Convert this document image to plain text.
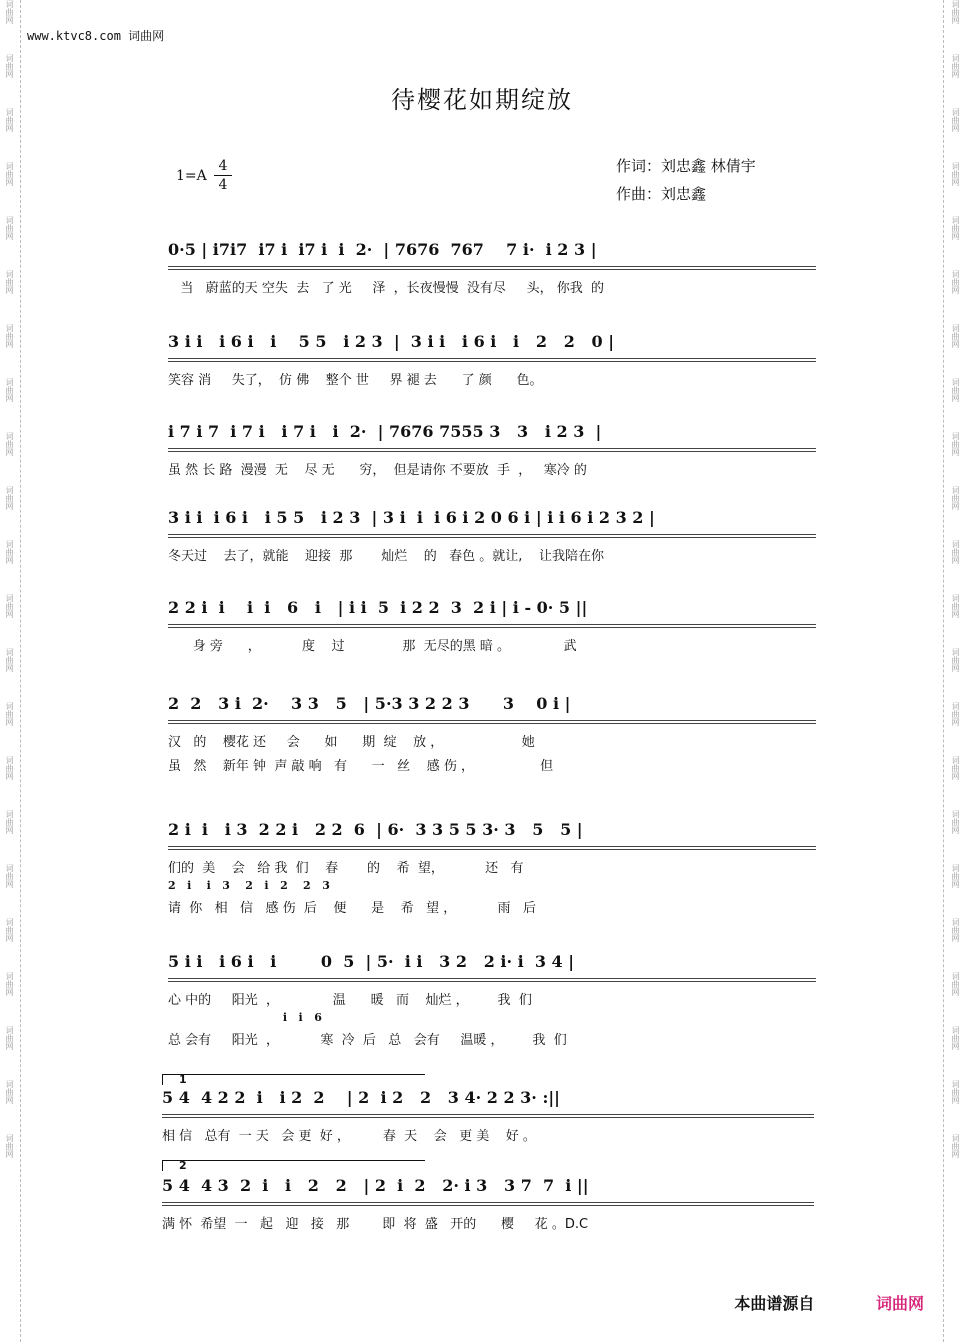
词曲网
词曲网
词曲网
词曲网
词曲网
词曲网
词曲网
词曲网
词曲网
词曲网
词曲网
词曲网
词曲网
词曲网
词曲网
词曲网
词曲网
词曲网
词曲网
词曲网
词曲网
词曲网
词曲网
词曲网
词曲网
词曲网
词曲网
词曲网
词曲网
词曲网
词曲网
词曲网
词曲网
词曲网
词曲网
词曲网
词曲网
词曲网
词曲网
词曲网
词曲网
词曲网
词曲网
词曲网
www.ktvc8.com 词曲网
待樱花如期绽放
1=A
4
4
作词：刘忠鑫 林倩宇
作曲：刘忠鑫
0·5 | i7i7  i7 i  i7 i  i  2·  | 7676  767    7 i·  i 2 3 |
当   蔚蓝的天 空失  去   了 光     泽  ，长夜慢慢  没有尽     头， 你我  的
3 i i   i 6 i   i    5 5   i 2 3  |  3 i i   i 6 i   i   2   2   0 |
笑容 消     失了，  仿 佛    整个 世     界 褪 去      了 颜      色。
i 7 i 7  i 7 i   i 7 i   i  2·  | 7676 7555 3   3   i 2 3  |
虽 然 长 路  漫漫  无    尽 无      穷，  但是请你 不要放  手  ，   寒冷 的
3 i i  i 6 i   i 5 5   i 2 3  | 3 i  i  i 6 i 2 0 6 i | i i 6 i 2 3 2 |
冬天过    去了，就能    迎接  那       灿烂    的   春色 。就让,    让我陪在你
2 2 i  i    i  i   6   i   | i i  5  i 2 2  3  2 i | i - 0· 5 ||
身 旁      ，          度    过              那  无尽的黑 暗 。             武
2  2   3 i  2·    3 3   5   | 5·3 3 2 2 3      3    0 i |
汉   的    樱花 还     会      如      期  绽    放 ，                   她
虽   然    新年 钟  声 敲 响   有      一   丝    感 伤 ，                但
2 i  i   i 3  2 2 i   2 2  6  | 6·  3 3 5 5 3· 3   5   5 |
们的  美    会   给 我  们    春       的    希  望，          还   有
2   i    i   3    2   i   2    2   3
请  你   相   信   感 伤  后    便      是    希   望 ，          雨   后
5 i i   i 6 i   i        0  5  | 5·  i i   3 2   2 i· i  3 4 |
心 中的     阳光  ，             温      暖   而    灿烂 ，       我  们
i   i   6
总 会有     阳光  ，          寒  冷  后   总   会有     温暖 ，       我  们
1
5 4  4 2 2  i   i 2  2    | 2  i 2   2   3 4· 2 2 3· :||
相 信   总有  一 天   会 更  好 ，        春  天    会   更 美    好 。
2
5 4  4 3  2  i   i   2   2   | 2  i  2   2· i 3   3 7  7  i ||
满 怀  希望  一   起   迎   接   那        即  将  盛   开的      樱     花 。D.C
本曲谱源自	词曲网
